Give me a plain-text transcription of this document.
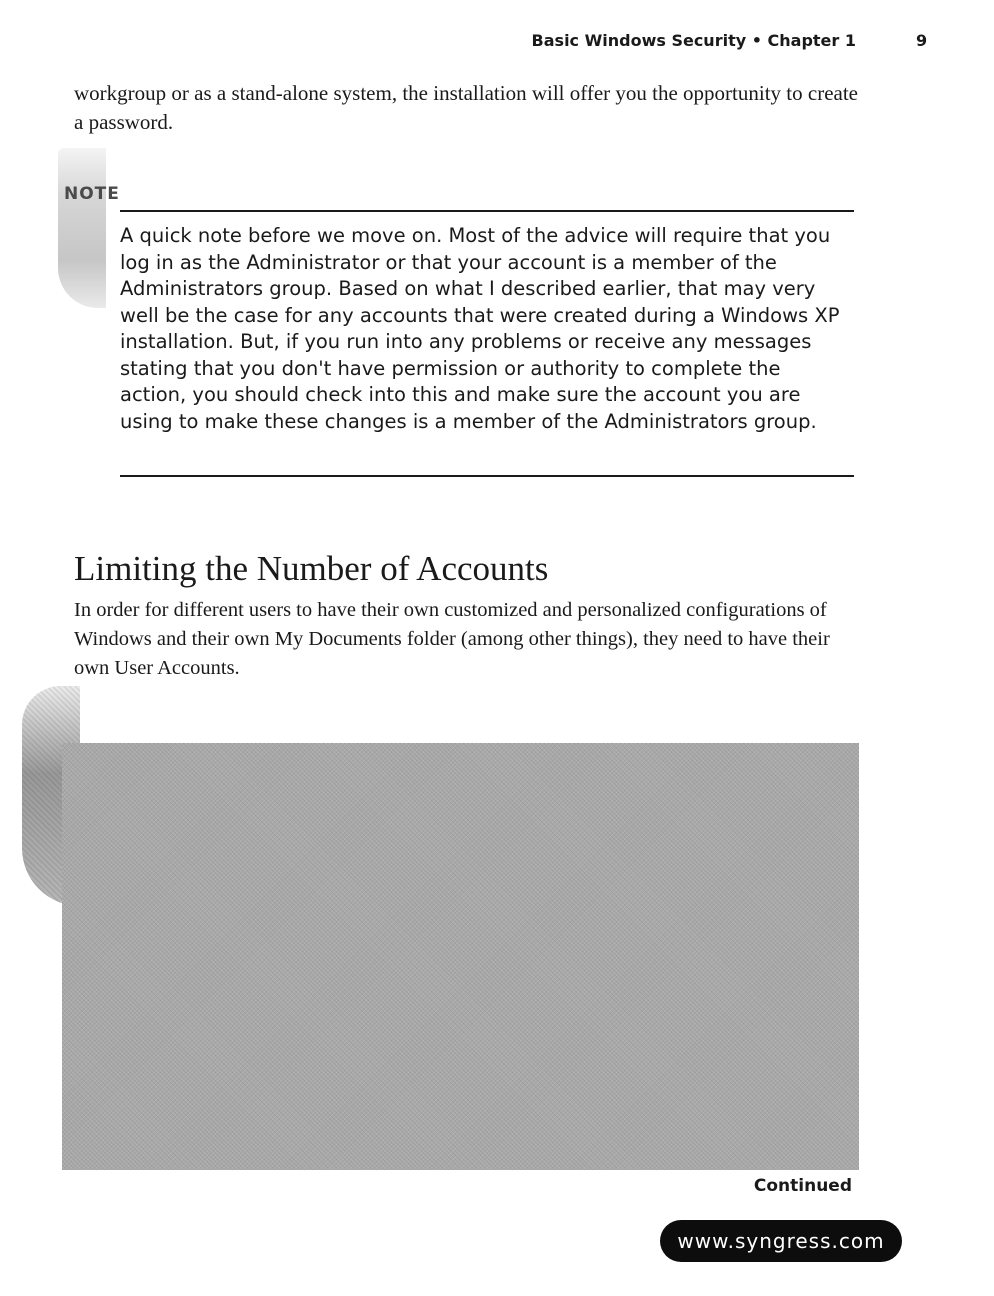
Basic Windows Security • Chapter 1	9

workgroup or as a stand-alone system, the installation will offer you the opportunity to create a password.

NOTE

A quick note before we move on. Most of the advice will require that you log in as the Administrator or that your account is a member of the Administrators group. Based on what I described earlier, that may very well be the case for any accounts that were created during a Windows XP installation. But, if you run into any problems or receive any messages stating that you don't have permission or authority to complete the action, you should check into this and make sure the account you are using to make these changes is a member of the Administrators group.

Limiting the Number of Accounts

In order for different users to have their own customized and personalized configurations of Windows and their own My Documents folder (among other things), they need to have their own User Accounts.

Continued
www.syngress.com
